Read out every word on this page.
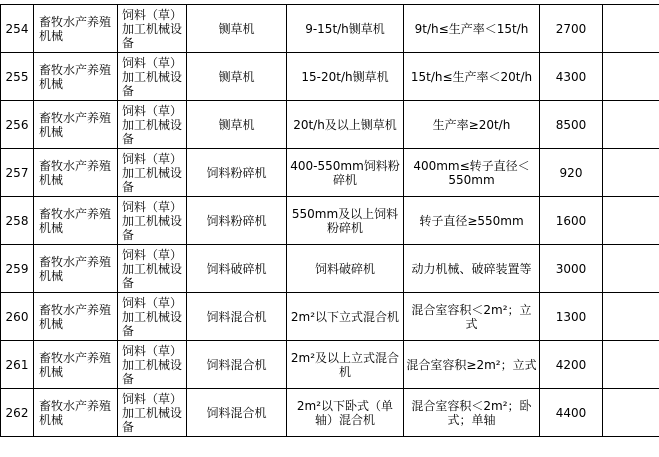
254	畜牧水产养殖机械	饲料（草）加工机械设备	铡草机	9-15t/h铡草机	9t/h≤生产率＜15t/h	2700	
255	畜牧水产养殖机械	饲料（草）加工机械设备	铡草机	15-20t/h铡草机	15t/h≤生产率＜20t/h	4300	
256	畜牧水产养殖机械	饲料（草）加工机械设备	铡草机	20t/h及以上铡草机	生产率≥20t/h	8500	
257	畜牧水产养殖机械	饲料（草）加工机械设备	饲料粉碎机	400-550mm饲料粉碎机	400mm≤转子直径＜550mm	920	
258	畜牧水产养殖机械	饲料（草）加工机械设备	饲料粉碎机	550mm及以上饲料粉碎机	转子直径≥550mm	1600	
259	畜牧水产养殖机械	饲料（草）加工机械设备	饲料破碎机	饲料破碎机	动力机械、破碎装置等	3000	
260	畜牧水产养殖机械	饲料（草）加工机械设备	饲料混合机	2m²以下立式混合机	混合室容积＜2m²；立式	1300	
261	畜牧水产养殖机械	饲料（草）加工机械设备	饲料混合机	2m²及以上立式混合机	混合室容积≥2m²；立式	4200	
262	畜牧水产养殖机械	饲料（草）加工机械设备	饲料混合机	2m²以下卧式（单轴）混合机	混合室容积＜2m²；卧式；单轴	4400	
